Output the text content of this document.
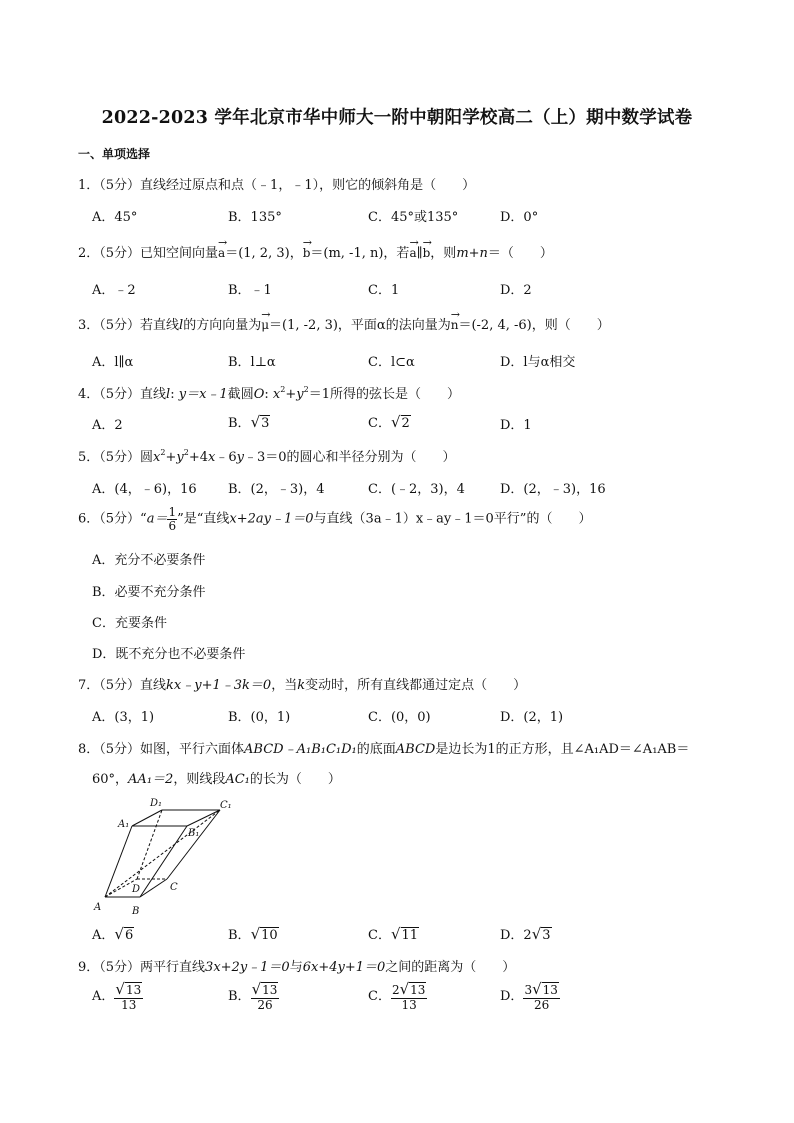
2022-2023 学年北京市华中师大一附中朝阳学校高二（上）期中数学试卷
一、单项选择
1．（5分）直线经过原点和点（﹣1，﹣1），则它的倾斜角是（　　）
A．45°	B．135°	C．45°或135°	D．0°
2．（5分）已知空间向量→ a＝(1, 2, 3)，→ b＝(m, -1, n)，若→ a∥→ b，则m+n＝（　　）
A．﹣2	B．﹣1	C．1	D．2
3．（5分）若直线l的方向向量为→ μ＝(1, -2, 3)，平面α的法向量为→ n＝(-2, 4, -6)，则（　　）
A．l∥α	B．l⊥α	C．l⊂α	D．l与α相交
4．（5分）直线l: y＝x﹣1截圆O: $x^2+y^2=1$所得的弦长是（　　）
A．2	B．√3	C．√2	D．1
5．（5分）圆$x^2+y^2+4x﹣6y﹣3=0$的圆心和半径分别为（　　）
A．(4，﹣6)，16 B．(2，﹣3)，4	C．(﹣2，3)，4	D．(2，﹣3)，16
6．（5分）“a＝ $\frac{1}{6}$ ”是“直线x+2ay﹣1＝0与直线（3a﹣1）x﹣ay﹣1＝0平行”的（　　）
A．充分不必要条件
B．必要不充分条件
C．充要条件
D．既不充分也不必要条件
7．（5分）直线kx﹣y+1﹣3k＝0，当k变动时，所有直线都通过定点（　　）
A．(3，1)	B．(0，1)	C．(0，0)	D．(2，1)
8．（5分）如图，平行六面体ABCD﹣A₁B₁C₁D₁的底面ABCD是边长为1的正方形，且∠A₁AD＝∠A₁AB＝
60°，AA₁＝2，则线段AC₁的长为（　　）
A	B
C
D
A₁
B₁
C₁
D₁
A．√6	B．√10	C．√11	D．2√3
9．（5分）两平行直线3x+2y﹣1＝0与6x+4y+1＝0之间的距离为（　　）
A． $\frac{√13}{13}$	B． $\frac{√13}{26}$	C． $\frac{2√13}{13}$	D． $\frac{3√13}{26}$
